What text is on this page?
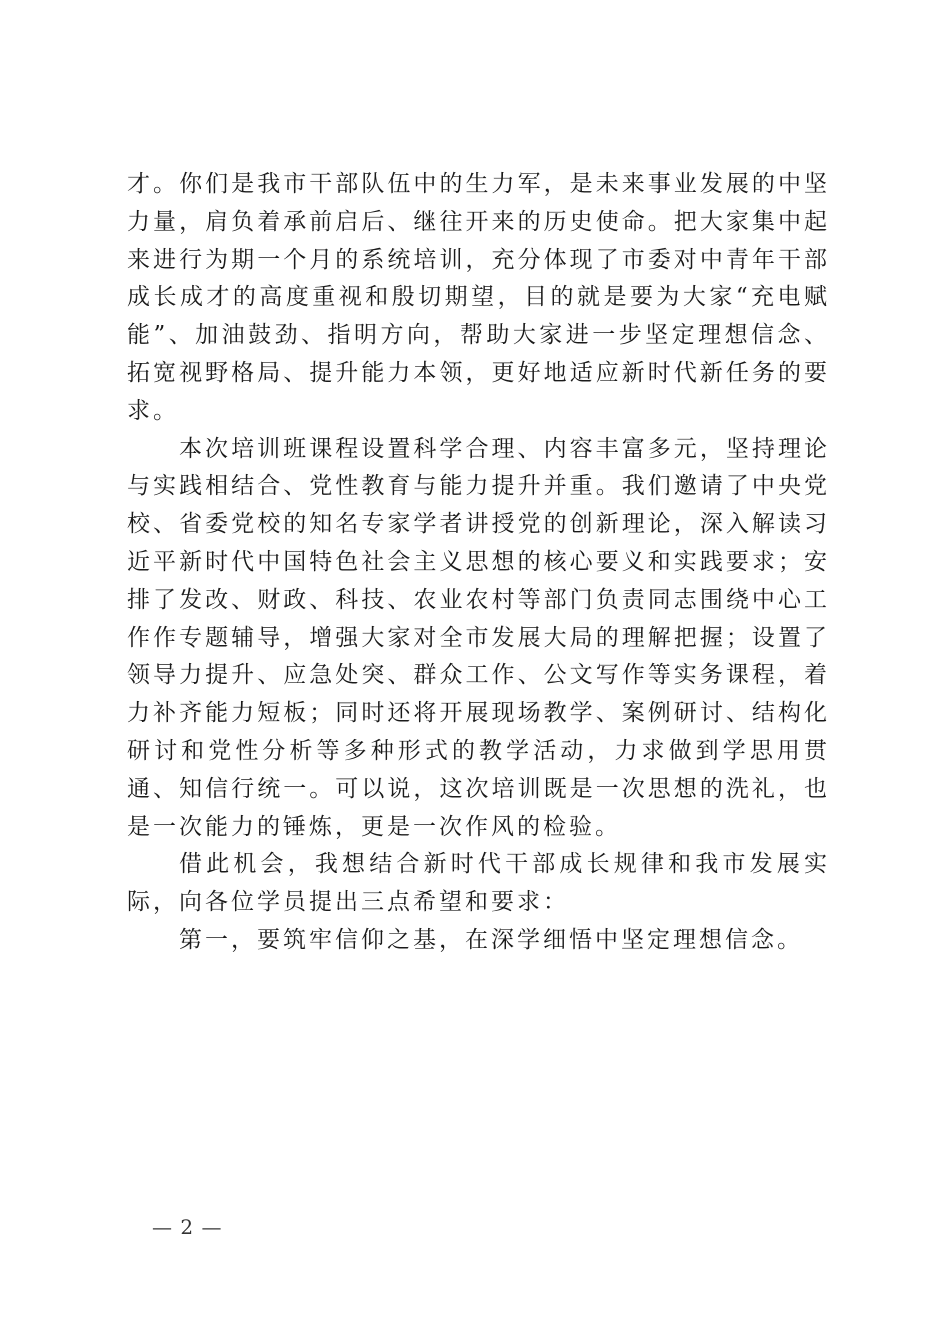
才。你们是我市干部队伍中的生力军，是未来事业发展的中坚力量，肩负着承前启后、继往开来的历史使命。把大家集中起来进行为期一个月的系统培训，充分体现了市委对中青年干部成长成才的高度重视和殷切期望，目的就是要为大家“充电赋能”、加油鼓劲、指明方向，帮助大家进一步坚定理想信念、拓宽视野格局、提升能力本领，更好地适应新时代新任务的要求。

本次培训班课程设置科学合理、内容丰富多元，坚持理论与实践相结合、党性教育与能力提升并重。我们邀请了中央党校、省委党校的知名专家学者讲授党的创新理论，深入解读习近平新时代中国特色社会主义思想的核心要义和实践要求；安排了发改、财政、科技、农业农村等部门负责同志围绕中心工作作专题辅导，增强大家对全市发展大局的理解把握；设置了领导力提升、应急处突、群众工作、公文写作等实务课程，着力补齐能力短板；同时还将开展现场教学、案例研讨、结构化研讨和党性分析等多种形式的教学活动，力求做到学思用贯通、知信行统一。可以说，这次培训既是一次思想的洗礼，也是一次能力的锤炼，更是一次作风的检验。

借此机会，我想结合新时代干部成长规律和我市发展实际，向各位学员提出三点希望和要求：

第一，要筑牢信仰之基，在深学细悟中坚定理想信念。

— 2 —
